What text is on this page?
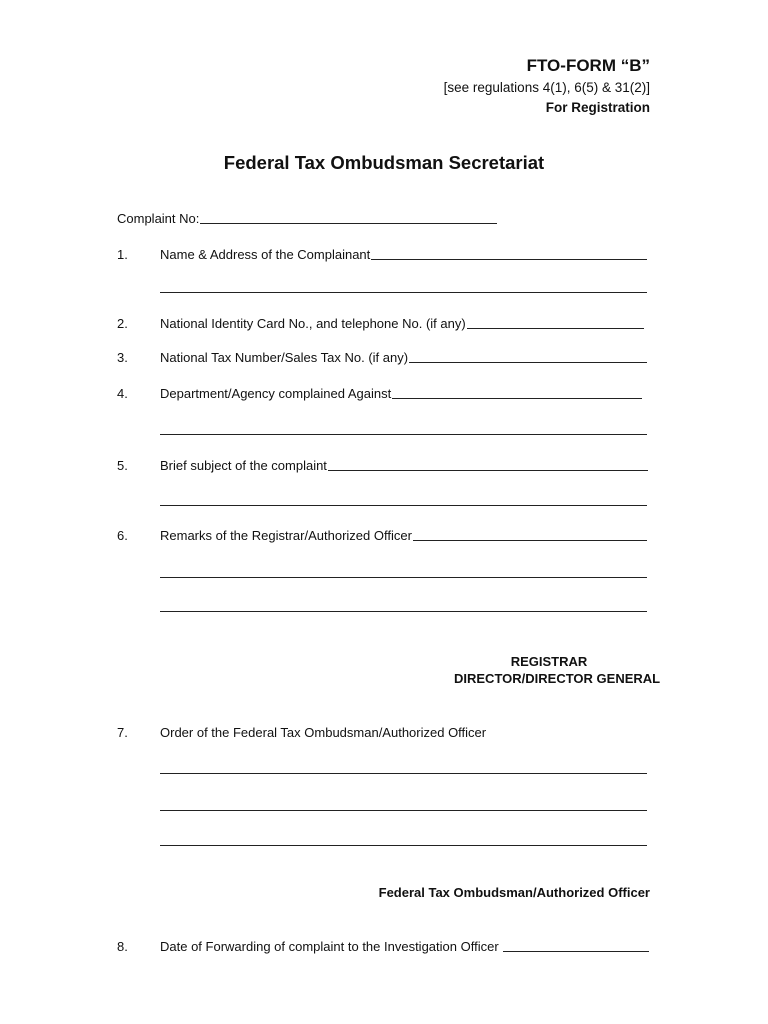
FTO-FORM “B”
[see regulations 4(1), 6(5) & 31(2)]
For Registration
Federal Tax Ombudsman Secretariat
Complaint No:
1.	Name & Address of the Complainant
2.	National Identity Card No., and telephone No. (if any)
3.	National Tax Number/Sales Tax No. (if any)
4.	Department/Agency complained Against
5.	Brief subject of the complaint
6.	Remarks of the Registrar/Authorized Officer
REGISTRAR
DIRECTOR/DIRECTOR GENERAL
7.	Order of the Federal Tax Ombudsman/Authorized Officer
Federal Tax Ombudsman/Authorized Officer
8.	Date of Forwarding of complaint to the Investigation Officer
